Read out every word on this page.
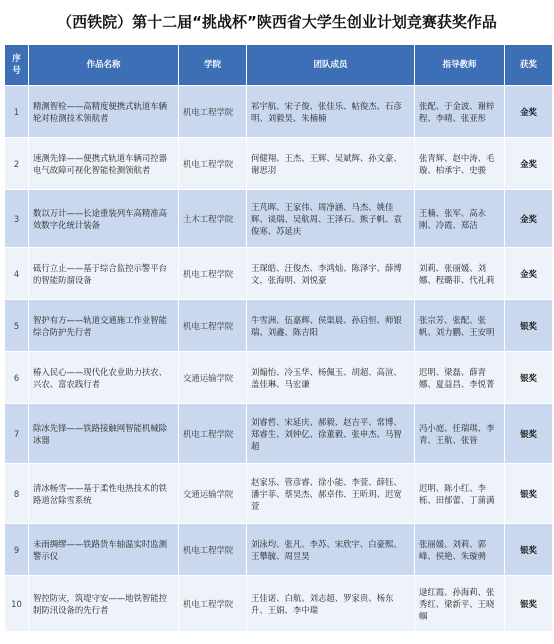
（西铁院）第十二届“挑战杯”陕西省大学生创业计划竞赛获奖作品
序号	作品名称	学院	团队成员	指导教师	获奖
1	精测智检——高精度便携式轨道车辆轮对检测技术领航者	机电工程学院	祁宇航、宋子俊、张佳乐、帖俊杰、石彦明、刘毅昊、朱楠楠	张配、于金波、谢梓程、李晴、张亚彤	金奖
2	速测先锋——便携式轨道车辆司控器电气故障可视化智能检测领航者	机电工程学院	何健翔、王杰、王辉、吴斌辉、孙文豪、谢思羽	张青辉、赵中涛、毛璇、柏承宇、史骏	金奖
3	数以万计——长途重装列车高精准高效数字化统计装备	土木工程学院	王芃晖、王家伟、周净涵、马杰、姚佳辉、谈瑞、吴航周、王泽石、熊子帆、袁俊寒、苏延庆	王楠、张军、高永刚、冷霞、郑洁	金奖
4	砥行立止——基于综合监控示警平台的智能防溜设备	机电工程学院	王琛皓、汪俊杰、李鸿灿、陈泽宇、薛博文、张海明、刘悦豪	刘莉、张丽媛、刘娜、程璐菲、代礼莉	金奖
5	智护有方——轨道交通施工作业智能综合防护先行者	机电工程学院	牛雪洲、伍嘉辉、侯渠晨、孙启恒、师银瑞、刘鑫、陈吉阳	张宗芳、张配、张帆、刘力鹏、王安明	银奖
6	椿入民心——现代化农业助力扶农、兴农、富农践行者	交通运输学院	刘煽怡、冷玉华、杨佩玉、胡超、高渲、盖佳琳、马宏谦	迟明、梁磊、薛青娜、夏益昌、李悦菁	银奖
7	除冰先锋——铁路接触网智能机械除冰器	机电工程学院	刘睿哲、宋延庆、郝毅、赵吉平、常博、郑睿生、刘钟亿、徐董毅、张申杰、马智超	冯小庭、任瑞琪、李青、王航、张皆	银奖
8	清冰畅雪——基于柔性电热技术的铁路道岔除雪系统	交通运输学院	赵家乐、管彦睿、徐小能、李萱、薛钰、潘宇菲、蔡昊杰、郝卓伟、王昕玥、迟宽萱	迟明、陈小红、李栎、田郁蕾、丁蒲满	银奖
9	未雨绸缪——铁路货车轴温实时监测警示仪	机电工程学院	刘泳均、张凡、李苏、宋欣宇、白豪熙、王攀毓、周昱昊	张丽媛、刘莉、郭峰、侯艳、朱璇骋	银奖
10	智控防灾，筑堤守安——地铁智能控制防汛设备的先行者	机电工程学院	王佳诺、白航、刘志超、罗家贵、杨东升、王娟、李中瑞	逯红霞、孙海莉、张秀红、梁新平、王晓帼	银奖
